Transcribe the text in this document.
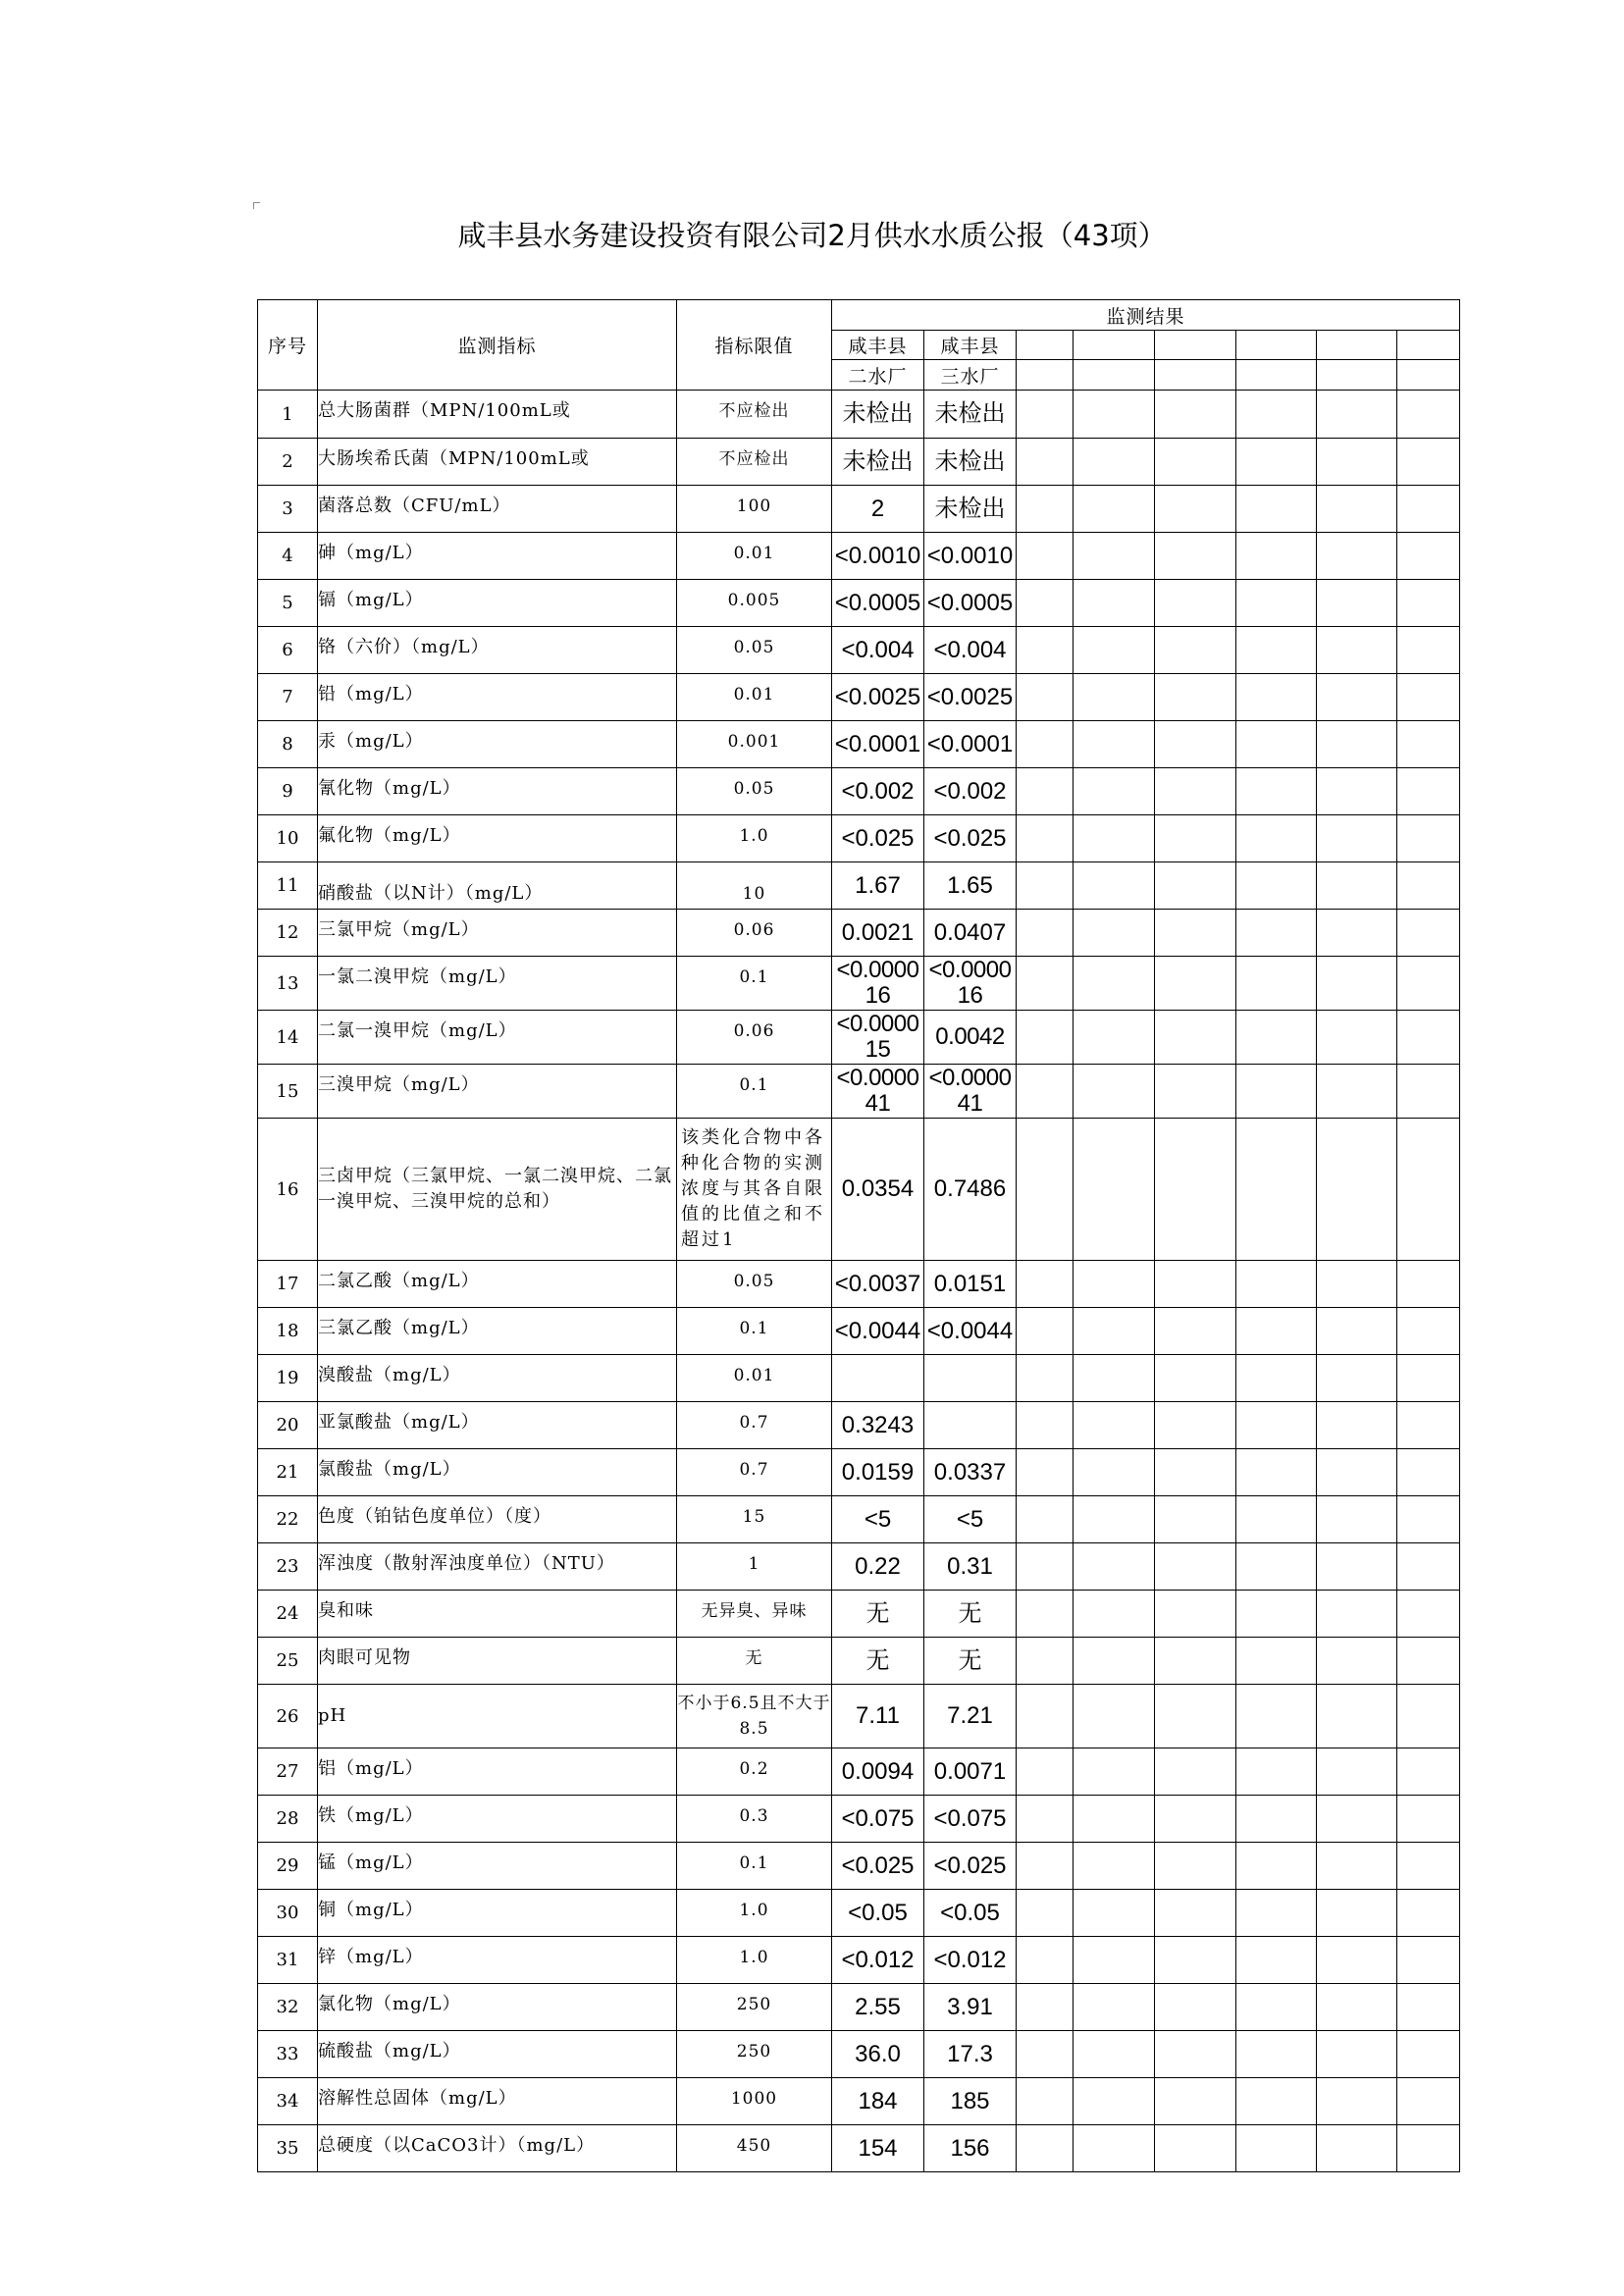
咸丰县水务建设投资有限公司2月供水水质公报（43项）
序号	监测指标	指标限值	监测结果							
			咸丰县	咸丰县						
			二水厂	三水厂						
1	总大肠菌群（MPN/100mL或	不应检出	未检出	未检出						
2	大肠埃希氏菌（MPN/100mL或	不应检出	未检出	未检出						
3	菌落总数（CFU/mL）	100	2	未检出						
4	砷（mg/L）	0.01	<0.0010	<0.0010						
5	镉（mg/L）	0.005	<0.0005	<0.0005						
6	铬（六价）（mg/L）	0.05	<0.004	<0.004						
7	铅（mg/L）	0.01	<0.0025	<0.0025						
8	汞（mg/L）	0.001	<0.0001	<0.0001						
9	氰化物（mg/L）	0.05	<0.002	<0.002						
10	氟化物（mg/L）	1.0	<0.025	<0.025						
11	硝酸盐（以N计）（mg/L）	10	1.67	1.65						
12	三氯甲烷（mg/L）	0.06	0.0021	0.0407						
13	一氯二溴甲烷（mg/L）	0.1	<0.000016	<0.000016						
14	二氯一溴甲烷（mg/L）	0.06	<0.000015	0.0042						
15	三溴甲烷（mg/L）	0.1	<0.000041	<0.000041						
16	三卤甲烷（三氯甲烷、一氯二溴甲烷、二氯一溴甲烷、三溴甲烷的总和）	该类化合物中各种化合物的实测浓度与其各自限值的比值之和不超过1	0.0354	0.7486						
17	二氯乙酸（mg/L）	0.05	<0.0037	0.0151						
18	三氯乙酸（mg/L）	0.1	<0.0044	<0.0044						
19	溴酸盐（mg/L）	0.01								
20	亚氯酸盐（mg/L）	0.7	0.3243							
21	氯酸盐（mg/L）	0.7	0.0159	0.0337						
22	色度（铂钴色度单位）（度）	15	<5	<5						
23	浑浊度（散射浑浊度单位）（NTU）	1	0.22	0.31						
24	臭和味	无异臭、异味	无	无						
25	肉眼可见物	无	无	无						
26	pH	不小于6.5且不大于8.5	7.11	7.21						
27	铝（mg/L）	0.2	0.0094	0.0071						
28	铁（mg/L）	0.3	<0.075	<0.075						
29	锰（mg/L）	0.1	<0.025	<0.025						
30	铜（mg/L）	1.0	<0.05	<0.05						
31	锌（mg/L）	1.0	<0.012	<0.012						
32	氯化物（mg/L）	250	2.55	3.91						
33	硫酸盐（mg/L）	250	36.0	17.3						
34	溶解性总固体（mg/L）	1000	184	185						
35	总硬度（以CaCO3计）（mg/L）	450	154	156						
